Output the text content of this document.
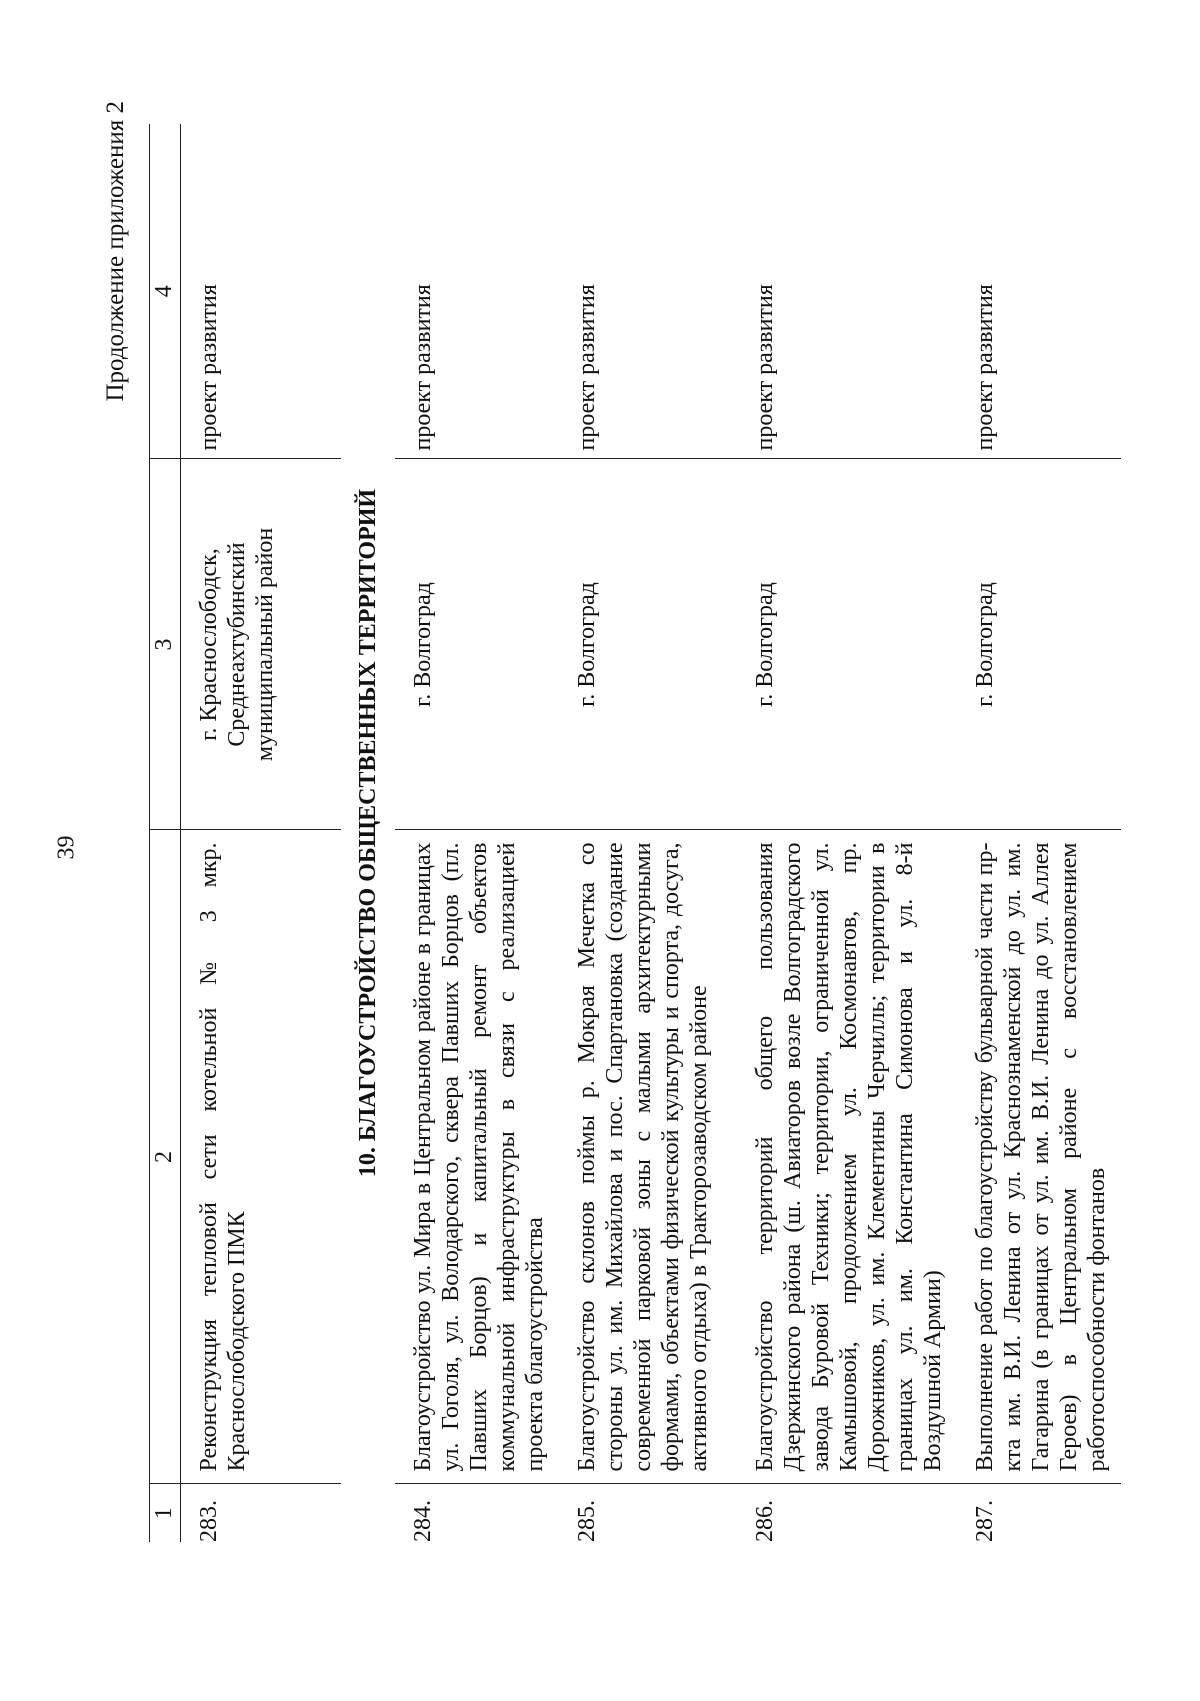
39
Продолжение приложения 2
1	2	3	4
283.	Реконструкция тепловой сети котельной № 3 мкр. Краснослободского ПМК	г. Краснослободск, Среднеахтубинский муниципальный район	проект развития
10. БЛАГОУСТРОЙСТВО ОБЩЕСТВЕННЫХ ТЕРРИТОРИЙ			
284.	Благоустройство ул. Мира в Центральном районе в границах ул. Гоголя, ул. Володарского, сквера Павших Борцов (пл. Павших Борцов) и капитальный ремонт объектов коммунальной инфраструктуры в связи с реализацией проекта благоустройства	г. Волгоград	проект развития
285.	Благоустройство склонов поймы р. Мокрая Мечетка со стороны ул. им. Михайлова и пос. Спартановка (создание современной парковой зоны с малыми архитектурными формами, объектами физической культуры и спорта, досуга, активного отдыха) в Тракторозаводском районе	г. Волгоград	проект развития
286.	Благоустройство территорий общего пользования Дзержинского района (ш. Авиаторов возле Волгоградского завода Буровой Техники; территории, ограниченной ул. Камышовой, продолжением ул. Космонавтов, пр. Дорожников, ул. им. Клементины Черчилль; территории в границах ул. им. Константина Симонова и ул. 8-й Воздушной Армии)	г. Волгоград	проект развития
287.	Выполнение работ по благоустройству бульварной части пр-кта им. В.И. Ленина от ул. Краснознаменской до ул. им. Гагарина (в границах от ул. им. В.И. Ленина до ул. Аллея Героев) в Центральном районе с восстановлением работоспособности фонтанов	г. Волгоград	проект развития
